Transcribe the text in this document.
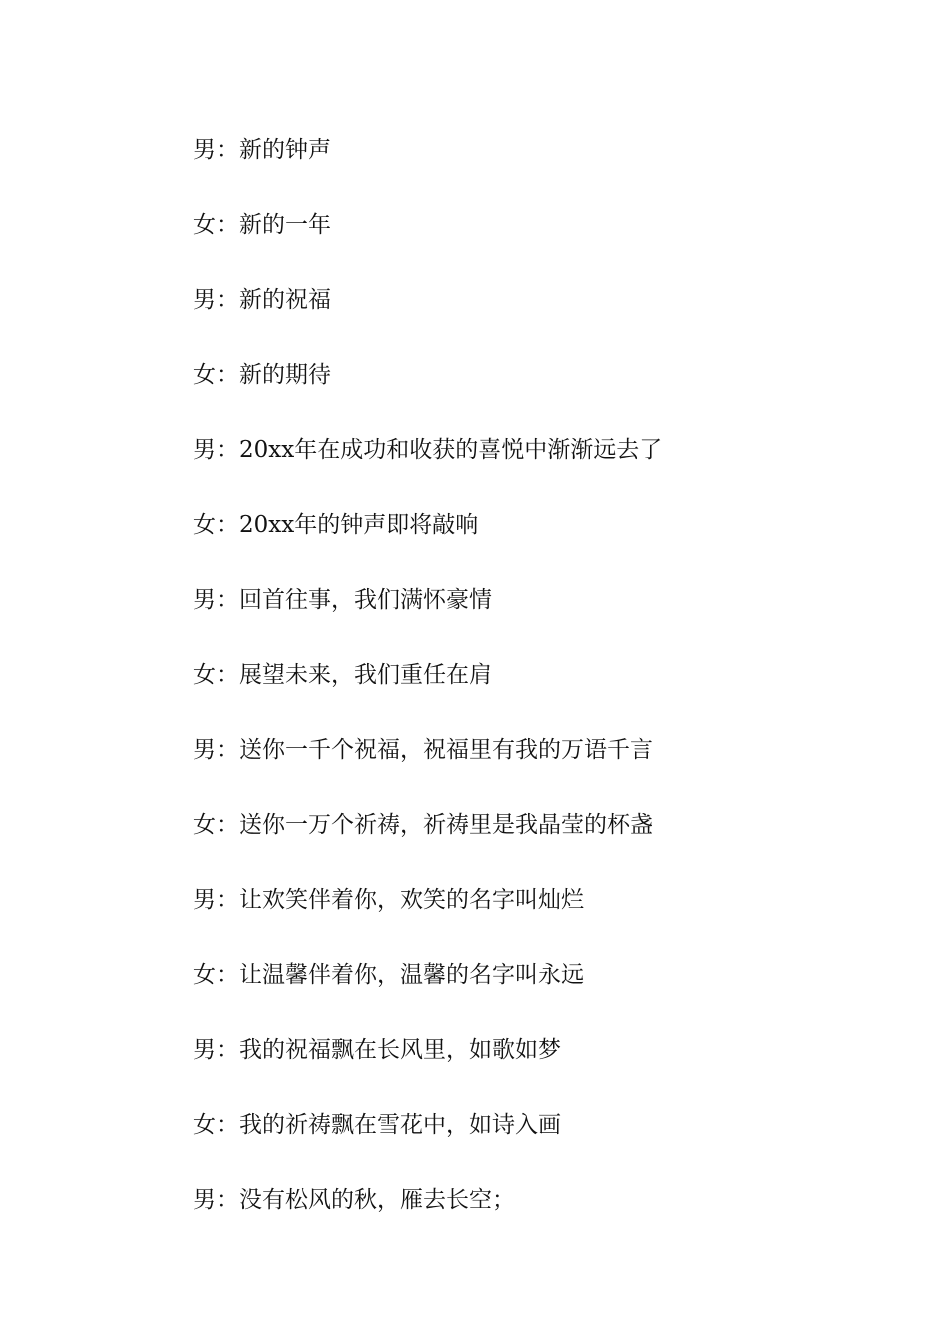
男：新的钟声
女：新的一年
男：新的祝福
女：新的期待
男：20xx年在成功和收获的喜悦中渐渐远去了
女：20xx年的钟声即将敲响
男：回首往事，我们满怀豪情
女：展望未来，我们重任在肩
男：送你一千个祝福，祝福里有我的万语千言
女：送你一万个祈祷，祈祷里是我晶莹的杯盏
男：让欢笑伴着你，欢笑的名字叫灿烂
女：让温馨伴着你，温馨的名字叫永远
男：我的祝福飘在长风里，如歌如梦
女：我的祈祷飘在雪花中，如诗入画
男：没有松风的秋，雁去长空；
